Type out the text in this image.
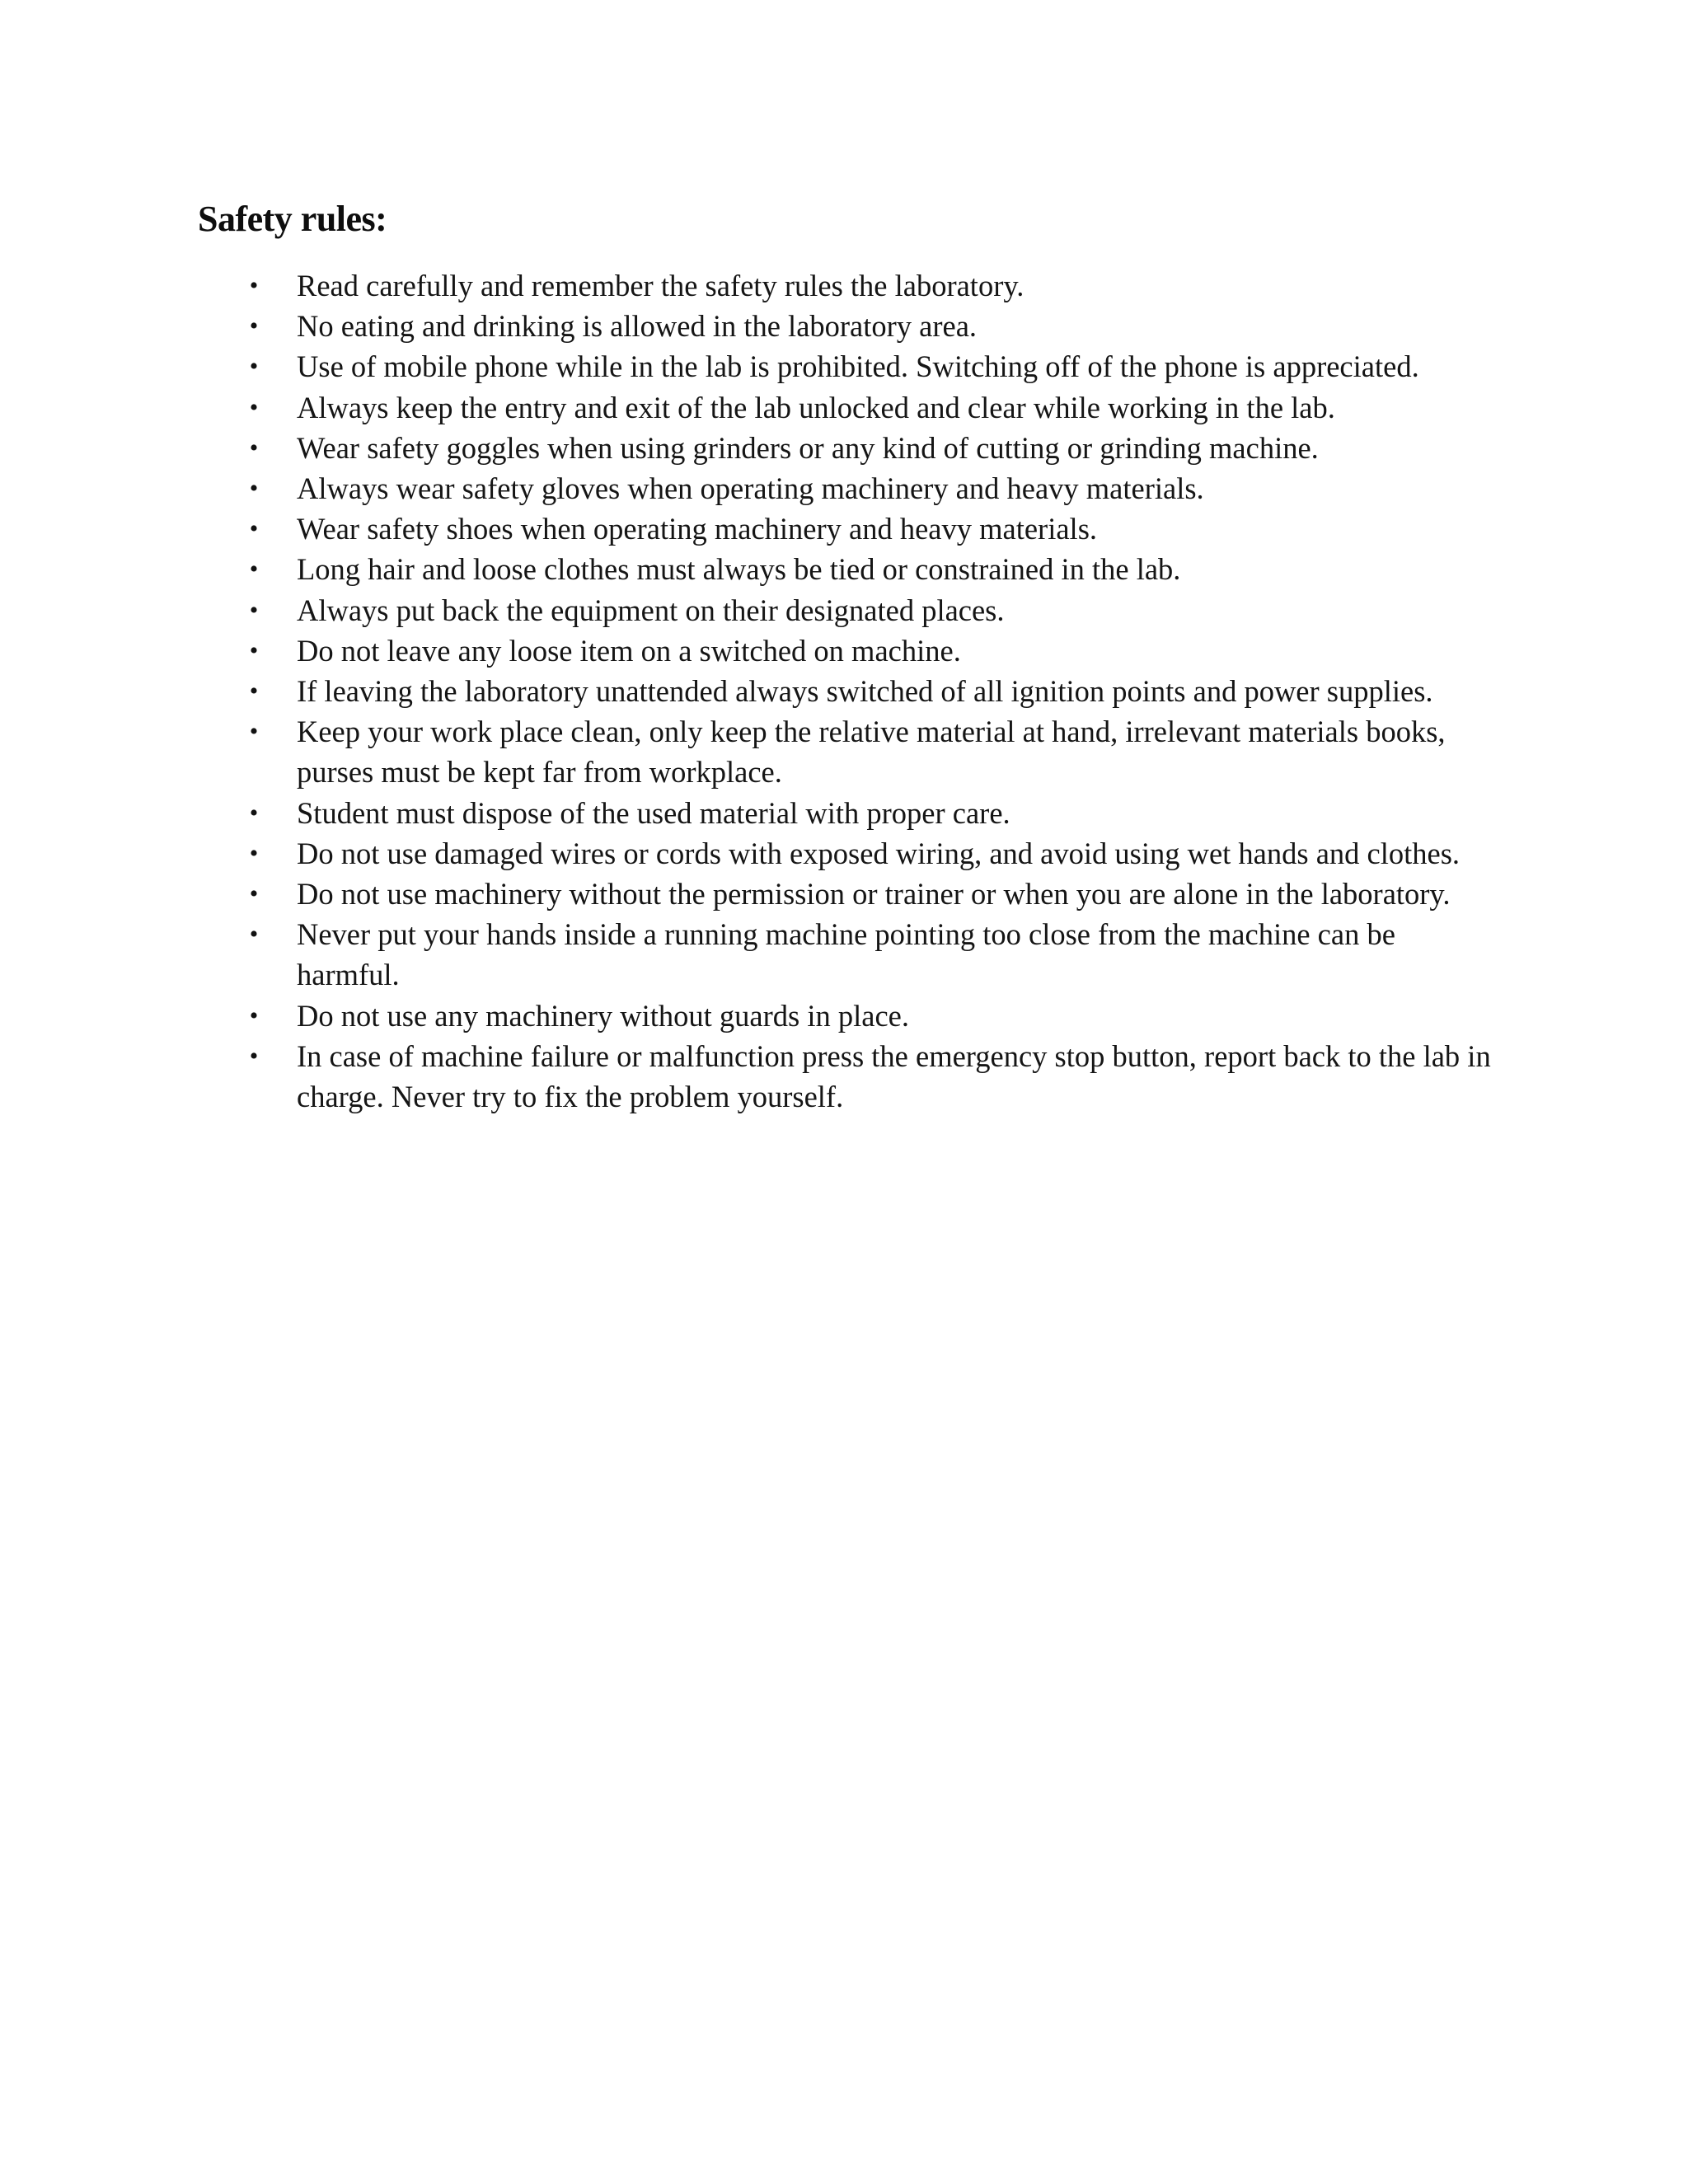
Safety rules:
• Read carefully and remember the safety rules the laboratory.
• No eating and drinking is allowed in the laboratory area.
• Use of mobile phone while in the lab is prohibited. Switching off of the phone is appreciated.
• Always keep the entry and exit of the lab unlocked and clear while working in the lab.
• Wear safety goggles when using grinders or any kind of cutting or grinding machine.
• Always wear safety gloves when operating machinery and heavy materials.
• Wear safety shoes when operating machinery and heavy materials.
• Long hair and loose clothes must always be tied or constrained in the lab.
• Always put back the equipment on their designated places.
• Do not leave any loose item on a switched on machine.
• If leaving the laboratory unattended always switched of all ignition points and power supplies.
• Keep your work place clean, only keep the relative material at hand, irrelevant materials books, purses must be kept far from workplace.
• Student must dispose of the used material with proper care.
• Do not use damaged wires or cords with exposed wiring, and avoid using wet hands and clothes.
• Do not use machinery without the permission or trainer or when you are alone in the laboratory.
• Never put your hands inside a running machine pointing too close from the machine can be harmful.
• Do not use any machinery without guards in place.
• In case of machine failure or malfunction press the emergency stop button, report back to the lab in charge. Never try to fix the problem yourself.
